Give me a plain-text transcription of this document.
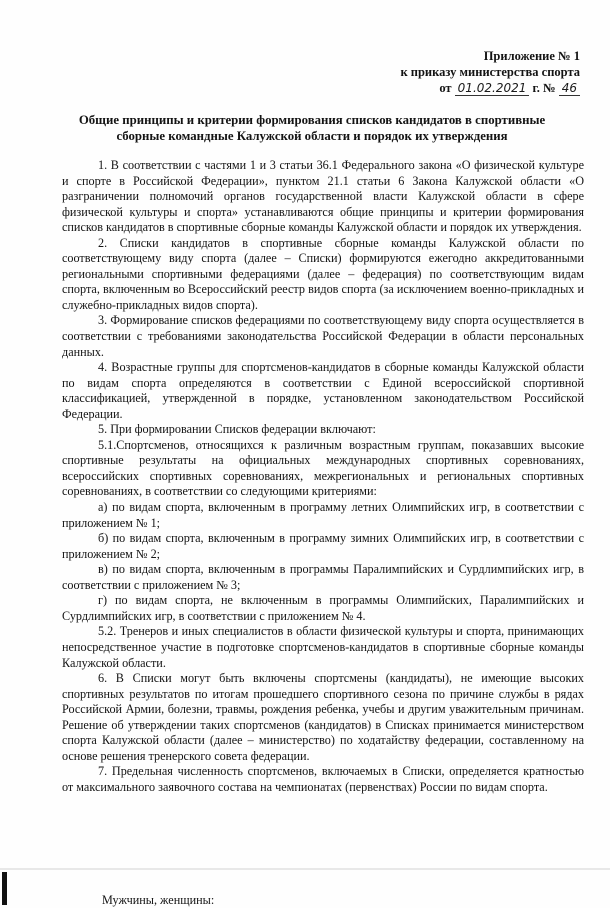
Приложение № 1
к приказу министерства спорта
от 01.02.2021 г. № 46
Общие принципы и критерии формирования списков кандидатов в спортивные сборные командные Калужской области и порядок их утверждения

1. В соответствии с частями 1 и 3 статьи 36.1 Федерального закона «О физической культуре и спорте в Российской Федерации», пунктом 21.1 статьи 6 Закона Калужской области «О разграничении полномочий органов государственной власти Калужской области в сфере физической культуры и спорта» устанавливаются общие принципы и критерии формирования списков кандидатов в спортивные сборные команды Калужской области и порядок их утверждения.

2. Списки кандидатов в спортивные сборные команды Калужской области по соответствующему виду спорта (далее – Списки) формируются ежегодно аккредитованными региональными спортивными федерациями (далее – федерация) по соответствующим видам спорта, включенным во Всероссийский реестр видов спорта (за исключением военно-прикладных и служебно-прикладных видов спорта).

3. Формирование списков федерациями по соответствующему виду спорта осуществляется в соответствии с требованиями законодательства Российской Федерации в области персональных данных.

4. Возрастные группы для спортсменов-кандидатов в сборные команды Калужской области по видам спорта определяются в соответствии с Единой всероссийской спортивной классификацией, утвержденной в порядке, установленном законодательством Российской Федерации.

5. При формировании Списков федерации включают:

5.1.Спортсменов, относящихся к различным возрастным группам, показавших высокие спортивные результаты на официальных международных спортивных соревнованиях, всероссийских спортивных соревнованиях, межрегиональных и региональных спортивных соревнованиях, в соответствии со следующими критериями:

а) по видам спорта, включенным в программу летних Олимпийских игр, в соответствии с приложением № 1;

б) по видам спорта, включенным в программу зимних Олимпийских игр, в соответствии с приложением № 2;

в) по видам спорта, включенным в программы Паралимпийских и Сурдлимпийских игр, в соответствии с приложением № 3;

г) по видам спорта, не включенным в программы Олимпийских, Паралимпийских и Сурдлимпийских игр, в соответствии с приложением № 4.

5.2. Тренеров и иных специалистов в области физической культуры и спорта, принимающих непосредственное участие в подготовке спортсменов-кандидатов в спортивные сборные команды Калужской области.

6. В Списки могут быть включены спортсмены (кандидаты), не имеющие высоких спортивных результатов по итогам прошедшего спортивного сезона по причине службы в рядах Российской Армии, болезни, травмы, рождения ребенка, учебы и другим уважительным причинам. Решение об утверждении таких спортсменов (кандидатов) в Списках принимается министерством спорта Калужской области (далее – министерство) по ходатайству федерации, составленному на основе решения тренерского совета федерации.

7. Предельная численность спортсменов, включаемых в Списки, определяется кратностью от максимального заявочного состава на чемпионатах (первенствах) России по видам спорта.

Мужчины, женщины:
